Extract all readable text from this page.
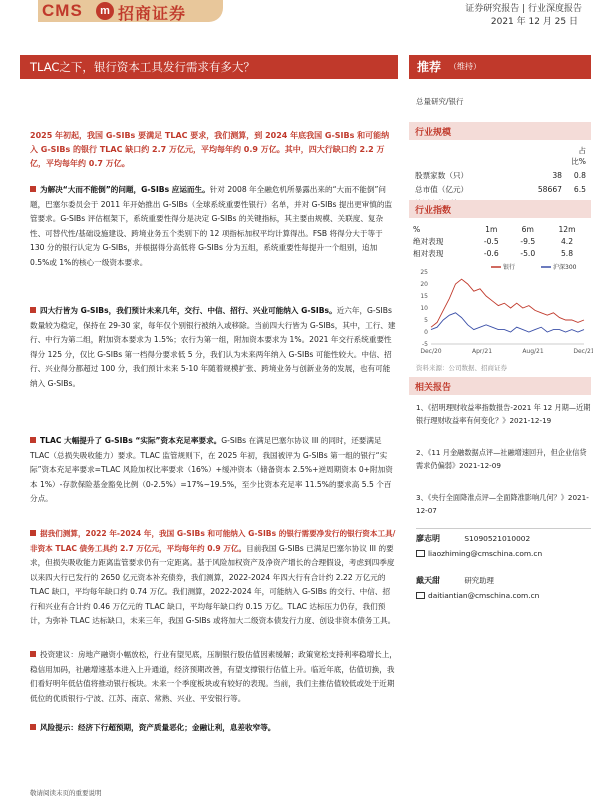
CMS	m 招商证券	证券研究报告 | 行业深度报告
2021 年 12 月 25 日
TLAC之下，银行资本工具发行需求有多大？	推荐 （维持）
总量研究/银行
2025 年初起，我国 G-SIBs 要满足 TLAC 要求，我们测算，到 2024 年底我国 G-SIBs 和可能纳入 G-SIBs 的银行 TLAC 缺口约 2.7 万亿元，平均每年约 0.9 万亿。其中，四大行缺口约 2.2 万亿，平均每年约 0.7 万亿。
为解决“大而不能倒”的问题，G-SIBs 应运而生。针对 2008 年全融危机所暴露出来的“大而不能倒”问题，巴塞尔委员会于 2011 年开始推出 G-SIBs（全球系统重要性银行）名单，并对 G-SIBs 提出更审慎的监管要求。G-SIBs 评估框架下，系统重要性得分是决定 G-SIBs 的关键指标，其主要由规模、关联度、复杂性、可替代性/基础设施建设、跨境业务五个类别下的 12 项指标加权平均计算得出。FSB 将得分大于等于 130 分的银行认定为 G-SIBs，并根据得分高低将 G-SIBs 分为五组，系统重要性每提升一个组别，追加 0.5%或 1%的核心一级资本要求。
四大行皆为 G-SIBs，我们预计未来几年，交行、中信、招行、兴业可能纳入 G-SIBs。近六年，G-SIBs 数量较为稳定，保持在 29-30 家，每年仅个别银行被纳入或移除。当前四大行皆为 G-SIBs，其中，工行、建行、中行为第二组，附加资本要求为 1.5%；农行为第一组，附加资本要求为 1%。2021 年交行系统重要性得分 125 分，仅比 G-SIBs 第一档得分要求低 5 分，我们认为未来两年纳入 G-SIBs 可能性较大。中信、招行、兴业得分都超过 100 分，我们预计未来 5-10 年随着规模扩张、跨境业务与创新业务的发展，也有可能纳入 G-SIBs。
TLAC 大幅提升了 G-SIBs “实际”资本充足率要求。G-SIBs 在满足巴塞尔协议 III 的同时，还要满足 TLAC（总损失吸收能力）要求。TLAC 监管规则下，在 2025 年初，我国被评为 G-SIBs 第一组的银行“实际”资本充足率要求=TLAC 风险加权比率要求（16%）+缓冲资本（储备资本 2.5%+逆周期资本 0+附加资本 1%）-存款保险基金豁免比例（0-2.5%）=17%~19.5%，至少比资本充足率 11.5%的要求高 5.5 个百分点。
据我们测算，2022 年-2024 年，我国 G-SIBs 和可能纳入 G-SIBs 的银行需要净发行的银行资本工具/非资本 TLAC 债务工具约 2.7 万亿元，平均每年约 0.9 万亿。目前我国 G-SIBs 已满足巴塞尔协议 III 的要求，但损失吸收能力距离监管要求仍有一定距离。基于风险加权资产及净资产增长的合理假设，考虑到四季度以来四大行已发行的 2650 亿元资本补充债券，我们测算，2022-2024 年四大行有合计约 2.22 万亿元的 TLAC 缺口，平均每年缺口约 0.74 万亿。我们测算，2022-2024 年，可能纳入 G-SIBs 的交行、中信、招行和兴业有合计约 0.46 万亿元的 TLAC 缺口，平均每年缺口约 0.15 万亿。TLAC 达标压力仍存，我们预计，为弥补 TLAC 达标缺口，未来三年，我国 G-SIBs 或将加大二级资本债发行力度、创设非资本债务工具。
投资建议：房地产融资小幅放松，行业有望见底，压制银行股估值因素缓解；政策宽松支持利率稳增长上，稳信用加码，社融增速基本进入上升通道，经济预期改善，有望支撑银行估值上升。临近年底，估值切换，我们看好明年低估值将推动银行板块。未来一个季度板块或有较好的表现。当前，我们主推估值较低或处于近期低位的优质银行-宁波、江苏、南京、常熟、兴业、平安银行等。
风险提示：经济下行超预期，资产质量恶化；金融让利，息差收窄等。
行业规模
		占比%
股票家数（只）	38	0.8
总市值（亿元）	58667	6.5

行业指数
%	1m	6m	12m
绝对表现	-0.5	-9.5	4.2
相对表现	-0.6	-5.0	5.8
25
20
15
10
5
0
-5
Dec/20	Apr/21	Aug/21	Dec/21
银行	沪深300
资料来源：公司数据、招商证券
相关报告
1、《招明理财收益率指数报告-2021 年 12 月期—近期银行理财收益率有何变化？》2021-12-19
2、《11 月金融数据点评—社融增速回升，但企业信贷需求仍偏弱》2021-12-09
3、《央行全面降准点评—全面降准影响几何？》2021-12-07
廖志明	S1090521010002
liaozhiming@cmschina.com.cn
戴天甜	研究助理
daitiantian@cmschina.com.cn
敬请阅读末页的重要说明
